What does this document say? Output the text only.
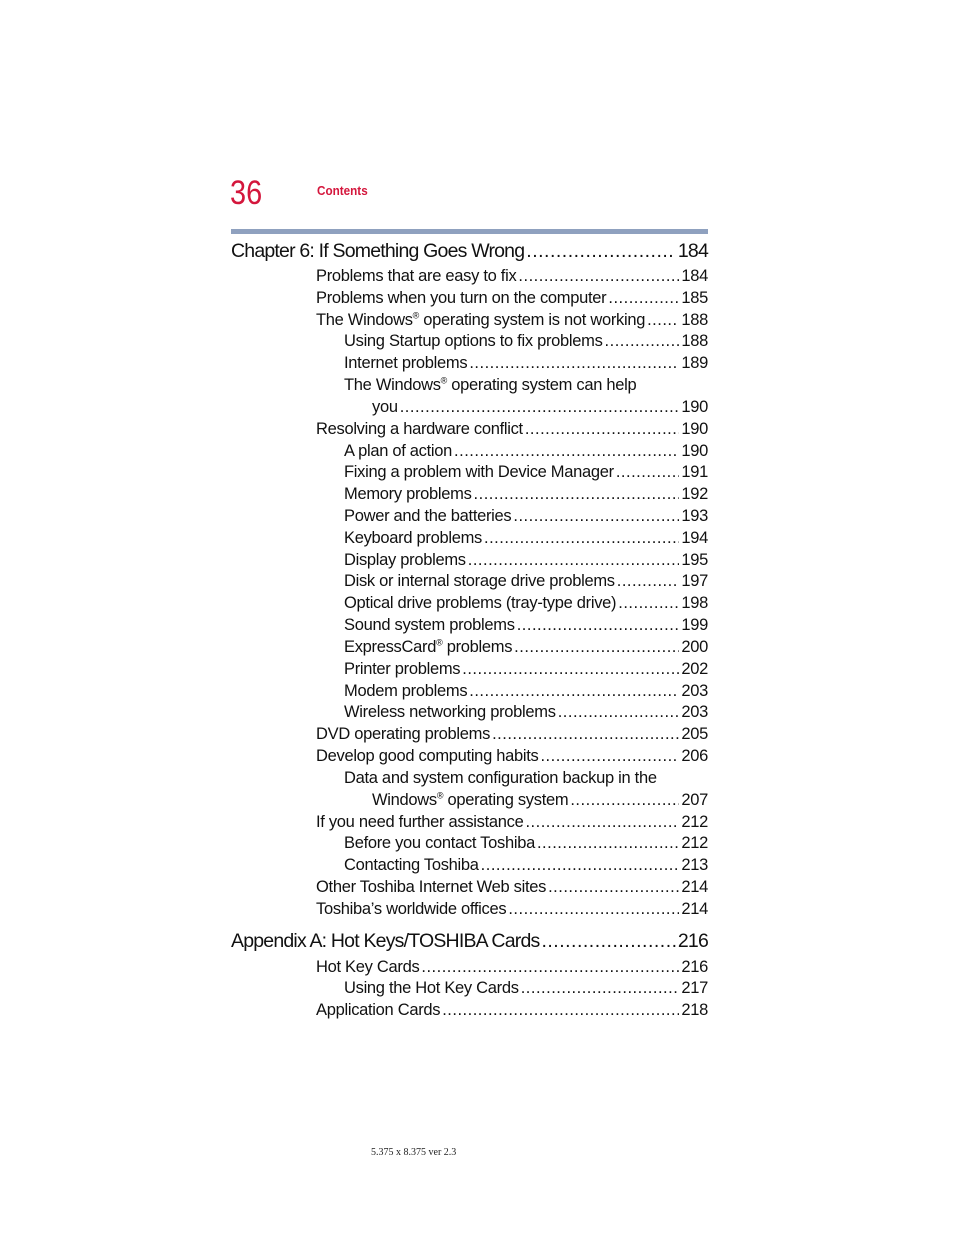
36	Contents
Chapter 6: If Something Goes Wrong .....	184
Problems that are easy to fix .....	184
Problems when you turn on the computer .....	185
The Windows® operating system is not working ..... 188
Using Startup options to fix problems .....	188
Internet problems .....	189
The Windows® operating system can help
you .....	190
Resolving a hardware conflict .....	190
A plan of action .....	190
Fixing a problem with Device Manager .....	191
Memory problems .....	192
Power and the batteries .....	193
Keyboard problems .....	194
Display problems .....	195
Disk or internal storage drive problems .....	197
Optical drive problems (tray-type drive) .....	198
Sound system problems .....	199
ExpressCard® problems .....	200
Printer problems .....	202
Modem problems .....	203
Wireless networking problems .....	203
DVD operating problems .....	205
Develop good computing habits .....	206
Data and system configuration backup in the
Windows® operating system .....	207
If you need further assistance .....	212
Before you contact Toshiba .....	212
Contacting Toshiba .....	213
Other Toshiba Internet Web sites .....	214
Toshiba’s worldwide offices .....	214
Appendix A: Hot Keys/TOSHIBA Cards .....	216
Hot Key Cards .....	216
Using the Hot Key Cards .....	217
Application Cards .....	218
5.375 x 8.375 ver 2.3
